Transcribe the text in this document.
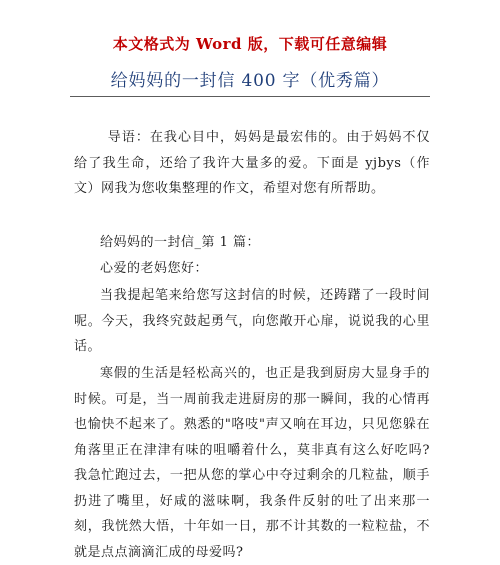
本文格式为 Word 版，下载可任意编辑
给妈妈的一封信 400 字（优秀篇）
导语：在我心目中，妈妈是最宏伟的。由于妈妈不仅给了我生命，还给了我许大量多的爱。下面是 yjbys（作文）网我为您收集整理的作文，希望对您有所帮助。
给妈妈的一封信_第 1 篇：
心爱的老妈您好：
当我提起笔来给您写这封信的时候，还踌躇了一段时间呢。今天，我终究鼓起勇气，向您敞开心扉，说说我的心里话。
寒假的生活是轻松高兴的，也正是我到厨房大显身手的时候。可是，当一周前我走进厨房的那一瞬间，我的心情再也愉快不起来了。熟悉的"咯吱"声又响在耳边，只见您躲在角落里正在津津有味的咀嚼着什么，莫非真有这么好吃吗?我急忙跑过去，一把从您的掌心中夺过剩余的几粒盐，顺手扔进了嘴里，好咸的滋味啊，我条件反射的吐了出来那一刻，我恍然大悟，十年如一日，那不计其数的一粒粒盐，不就是点点滴滴汇成的母爱吗?
